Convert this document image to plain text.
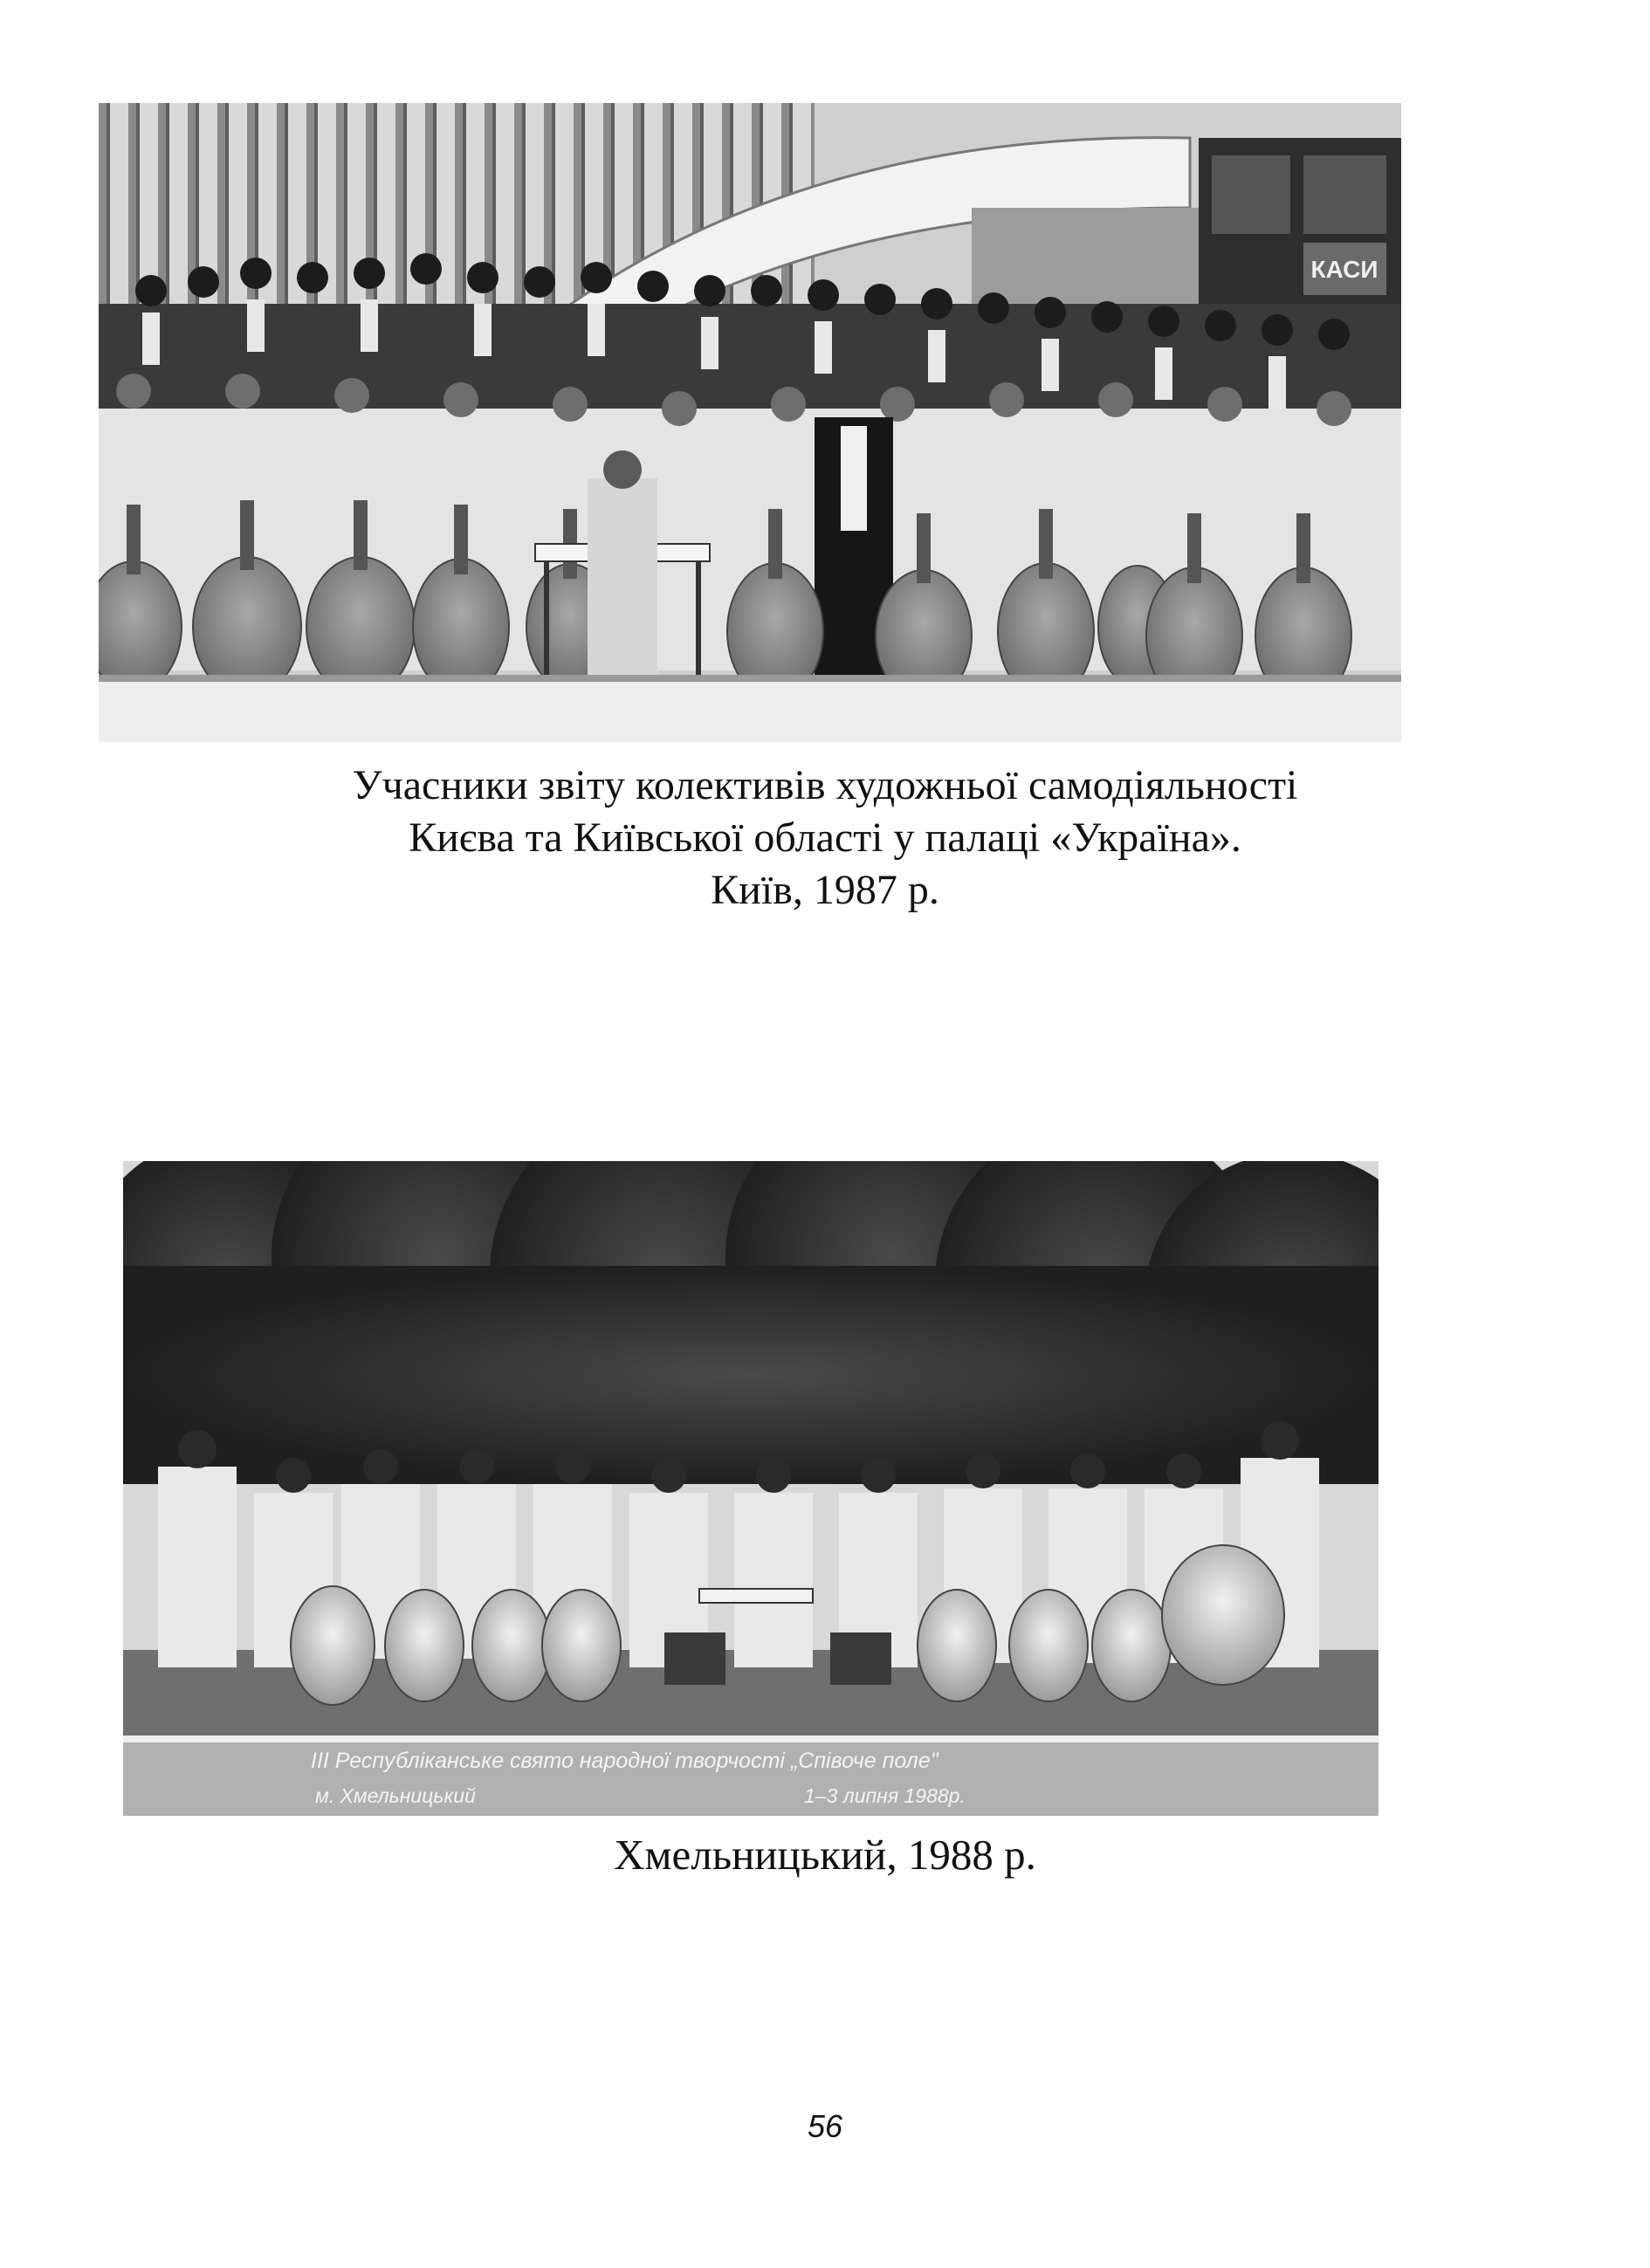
КАСИ

Учасники звіту колективів художньої самодіяльності
Києва та Київської області у палаці «Україна».
Київ, 1987 р.

III Республіканське свято народної творчості „Співоче поле"
м. Хмельницький	1–3 липня 1988р.

Хмельницький, 1988 р.

56
